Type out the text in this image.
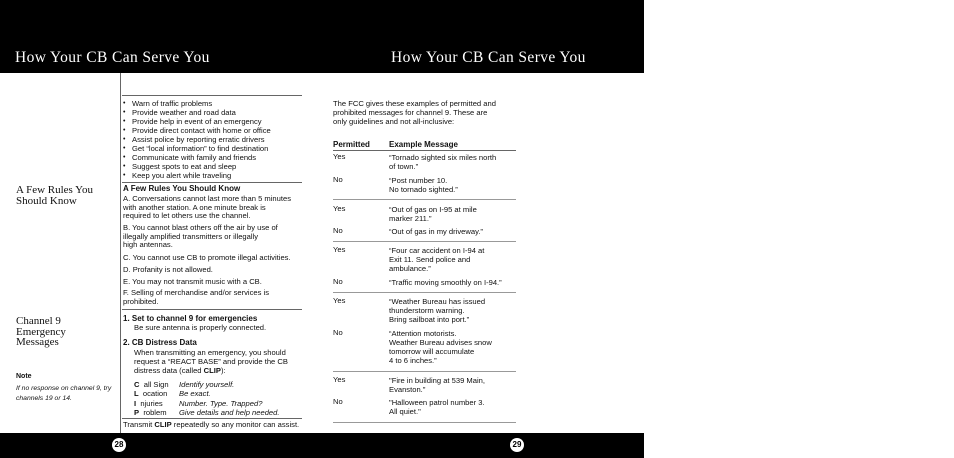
How Your CB Can Serve You	How Your CB Can Serve You
28	29
A Few Rules You Should Know
Channel 9 Emergency Messages
Note
If no response on channel 9, try channels 19 or 14.
• Warn of traffic problems
• Provide weather and road data
• Provide help in event of an emergency
• Provide direct contact with home or office
• Assist police by reporting erratic drivers
• Get “local information” to find destination
• Communicate with family and friends
• Suggest spots to eat and sleep
• Keep you alert while traveling
A Few Rules You Should Know
A. Conversations cannot last more than 5 minutes
with another station. A one minute break is
required to let others use the channel.
B. You cannot blast others off the air by use of
illegally amplified transmitters or illegally
high antennas.
C. You cannot use CB to promote illegal activities.
D. Profanity is not allowed.
E. You may not transmit music with a CB.
F. Selling of merchandise and/or services is
prohibited.
1. Set to channel 9 for emergencies
Be sure antenna is properly connected.
2. CB Distress Data
When transmitting an emergency, you should
request a “REACT BASE” and provide the CB
distress data (called CLIP):
C all Sign Identify yourself.
L ocation Be exact.
I njuries Number. Type. Trapped?
P roblem Give details and help needed.
Transmit CLIP repeatedly so any monitor can assist.
The FCC gives these examples of permitted and
prohibited messages for channel 9. These are
only guidelines and not all-inclusive:
Permitted Example Message
Yes	“Tornado sighted six miles north
of town.”
No	“Post number 10.
No tornado sighted.”
Yes	“Out of gas on I-95 at mile
marker 211.”
No	“Out of gas in my driveway.”
Yes	“Four car accident on I-94 at
Exit 11. Send police and
ambulance.”
No	“Traffic moving smoothly on I-94.”
Yes	“Weather Bureau has issued
thunderstorm warning.
Bring sailboat into port.”
No	“Attention motorists.
Weather Bureau advises snow
tomorrow will accumulate
4 to 6 inches.”
Yes	"Fire in building at 539 Main,
Evanston."
No	"Halloween patrol number 3.
All quiet."
